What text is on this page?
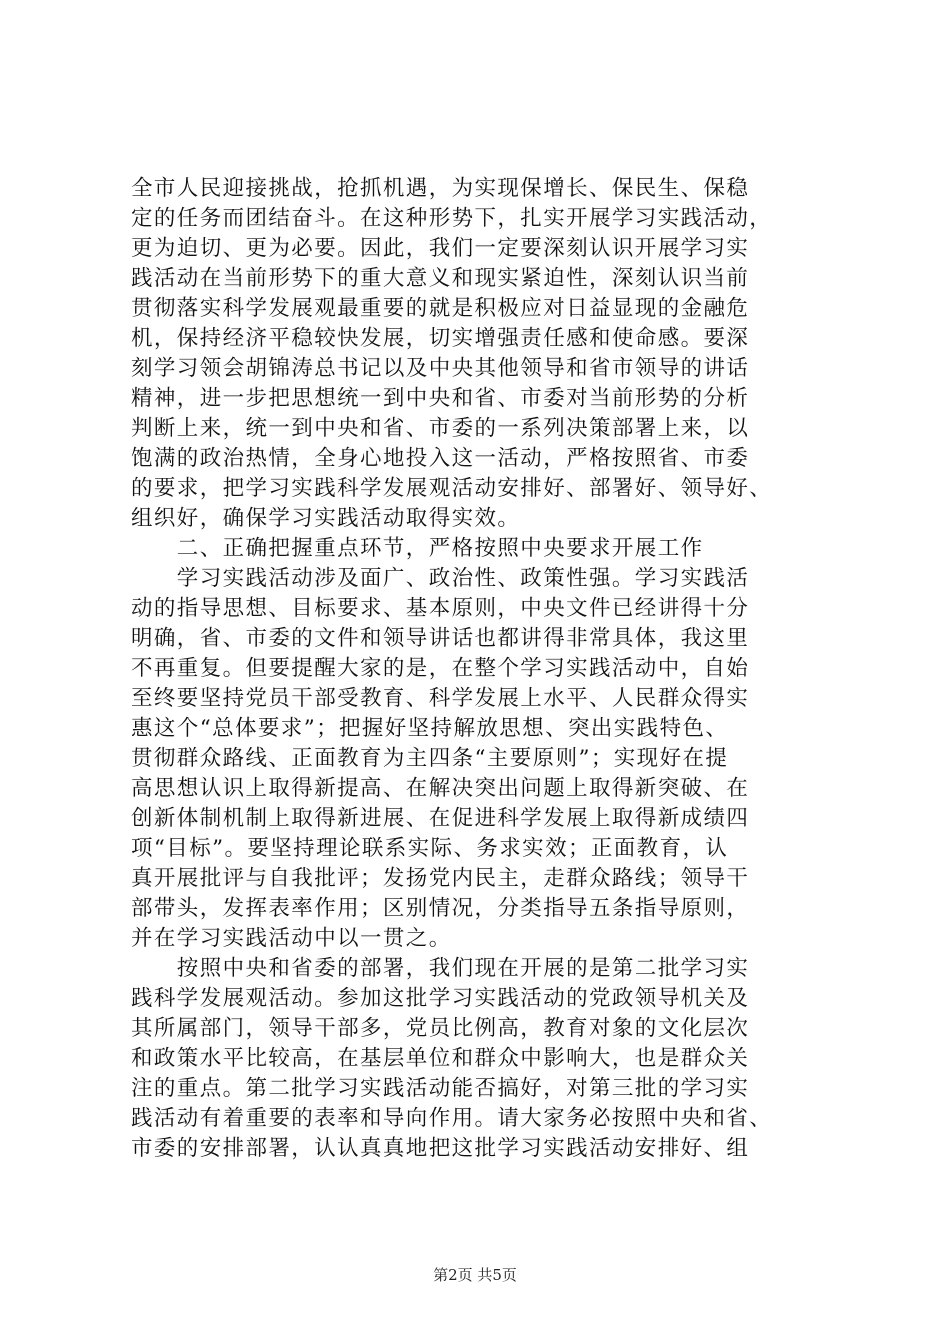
全市人民迎接挑战，抢抓机遇，为实现保增长、保民生、保稳
定的任务而团结奋斗。在这种形势下，扎实开展学习实践活动，
更为迫切、更为必要。因此，我们一定要深刻认识开展学习实
践活动在当前形势下的重大意义和现实紧迫性，深刻认识当前
贯彻落实科学发展观最重要的就是积极应对日益显现的金融危
机，保持经济平稳较快发展，切实增强责任感和使命感。要深
刻学习领会胡锦涛总书记以及中央其他领导和省市领导的讲话
精神，进一步把思想统一到中央和省、市委对当前形势的分析
判断上来，统一到中央和省、市委的一系列决策部署上来，以
饱满的政治热情，全身心地投入这一活动，严格按照省、市委
的要求，把学习实践科学发展观活动安排好、部署好、领导好、
组织好，确保学习实践活动取得实效。
　　二、正确把握重点环节，严格按照中央要求开展工作
　　学习实践活动涉及面广、政治性、政策性强。学习实践活
动的指导思想、目标要求、基本原则，中央文件已经讲得十分
明确，省、市委的文件和领导讲话也都讲得非常具体，我这里
不再重复。但要提醒大家的是，在整个学习实践活动中，自始
至终要坚持党员干部受教育、科学发展上水平、人民群众得实
惠这个“总体要求”；把握好坚持解放思想、突出实践特色、
贯彻群众路线、正面教育为主四条“主要原则”；实现好在提
高思想认识上取得新提高、在解决突出问题上取得新突破、在
创新体制机制上取得新进展、在促进科学发展上取得新成绩四
项“目标”。要坚持理论联系实际、务求实效；正面教育，认
真开展批评与自我批评；发扬党内民主，走群众路线；领导干
部带头，发挥表率作用；区别情况，分类指导五条指导原则，
并在学习实践活动中以一贯之。
　　按照中央和省委的部署，我们现在开展的是第二批学习实
践科学发展观活动。参加这批学习实践活动的党政领导机关及
其所属部门，领导干部多，党员比例高，教育对象的文化层次
和政策水平比较高，在基层单位和群众中影响大，也是群众关
注的重点。第二批学习实践活动能否搞好，对第三批的学习实
践活动有着重要的表率和导向作用。请大家务必按照中央和省、
市委的安排部署，认认真真地把这批学习实践活动安排好、组
第2页 共5页
